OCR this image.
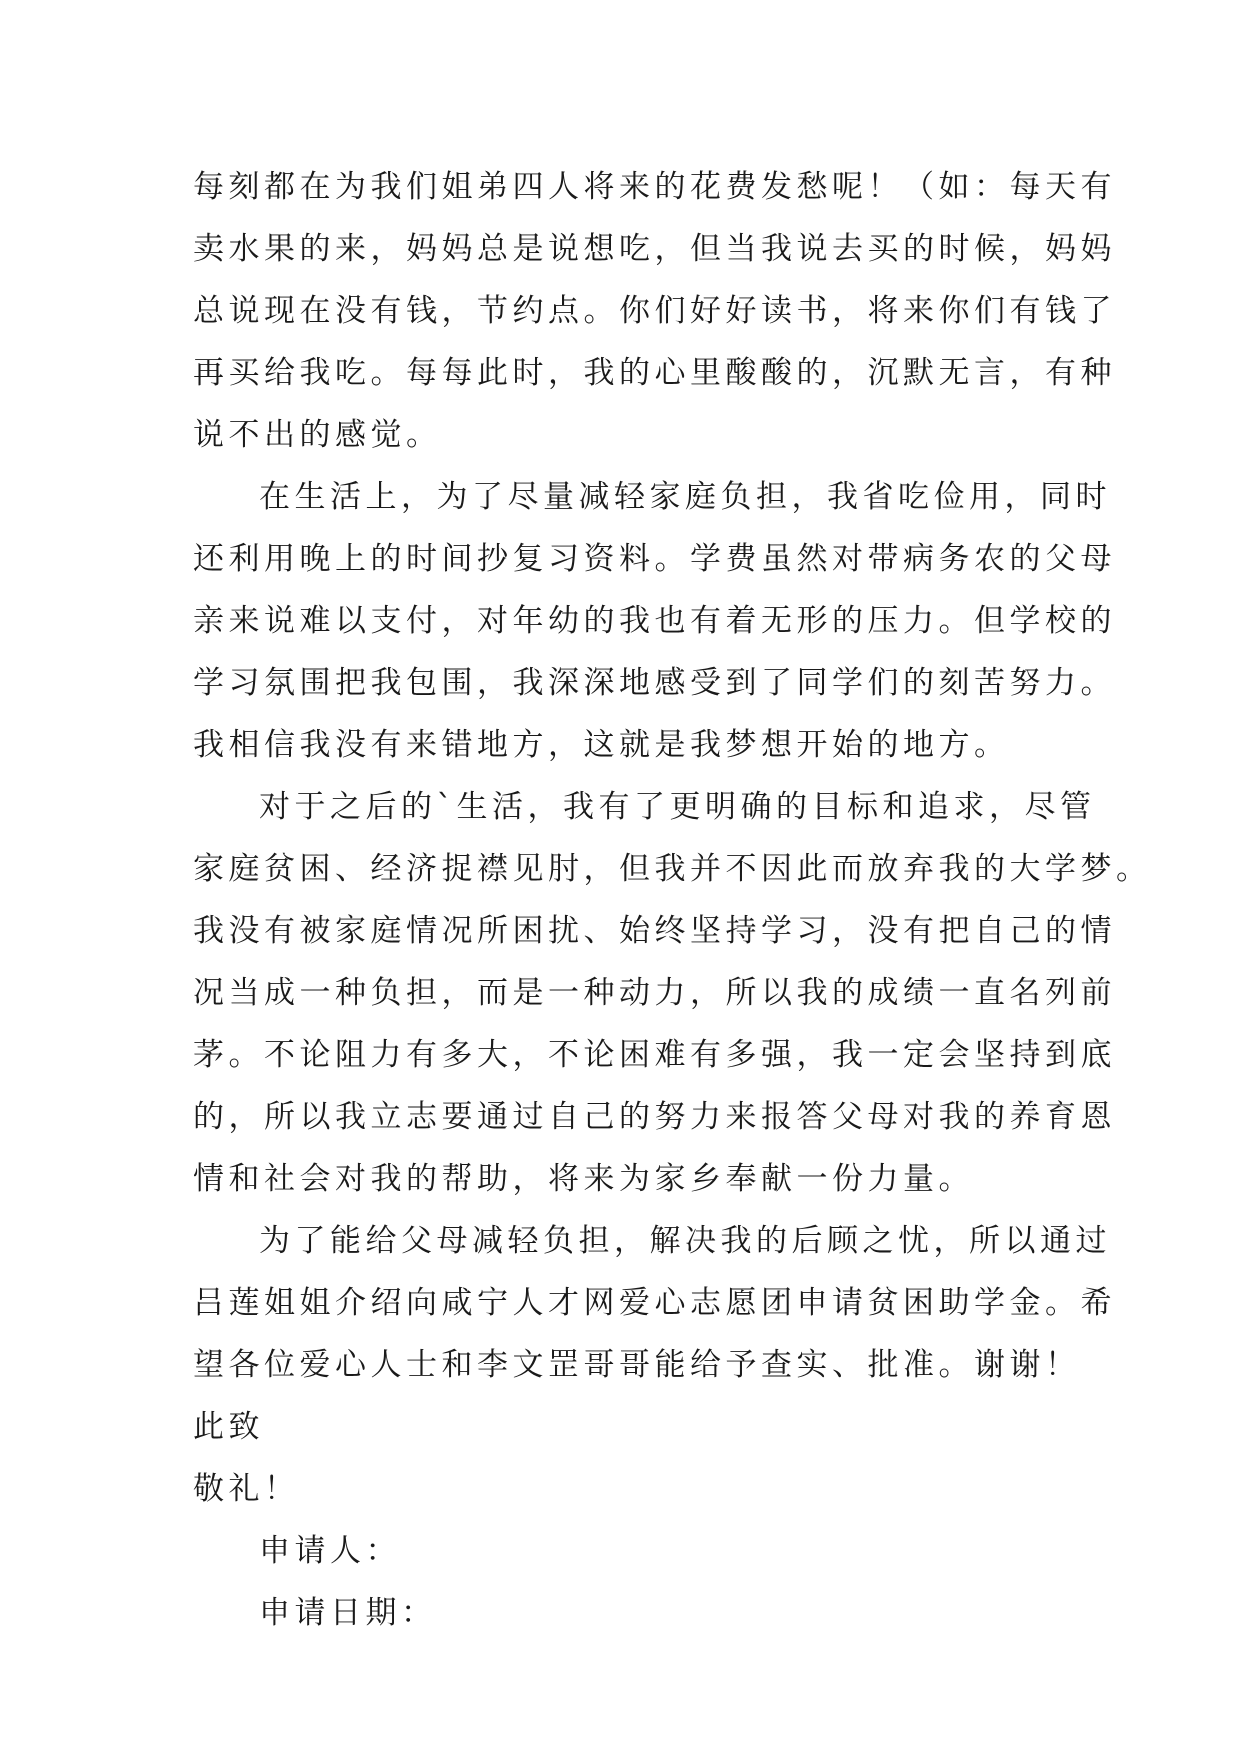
每刻都在为我们姐弟四人将来的花费发愁呢！（如：每天有
卖水果的来，妈妈总是说想吃，但当我说去买的时候，妈妈
总说现在没有钱，节约点。你们好好读书，将来你们有钱了
再买给我吃。每每此时，我的心里酸酸的，沉默无言，有种
说不出的感觉。
在生活上，为了尽量减轻家庭负担，我省吃俭用，同时
还利用晚上的时间抄复习资料。学费虽然对带病务农的父母
亲来说难以支付，对年幼的我也有着无形的压力。但学校的
学习氛围把我包围，我深深地感受到了同学们的刻苦努力。
我相信我没有来错地方，这就是我梦想开始的地方。
对于之后的`生活，我有了更明确的目标和追求，尽管
家庭贫困、经济捉襟见肘，但我并不因此而放弃我的大学梦。
我没有被家庭情况所困扰、始终坚持学习，没有把自己的情
况当成一种负担，而是一种动力，所以我的成绩一直名列前
茅。不论阻力有多大，不论困难有多强，我一定会坚持到底
的，所以我立志要通过自己的努力来报答父母对我的养育恩
情和社会对我的帮助，将来为家乡奉献一份力量。
为了能给父母减轻负担，解决我的后顾之忧，所以通过
吕莲姐姐介绍向咸宁人才网爱心志愿团申请贫困助学金。希
望各位爱心人士和李文罡哥哥能给予查实、批准。谢谢！
此致
敬礼！
申请人：
申请日期：
